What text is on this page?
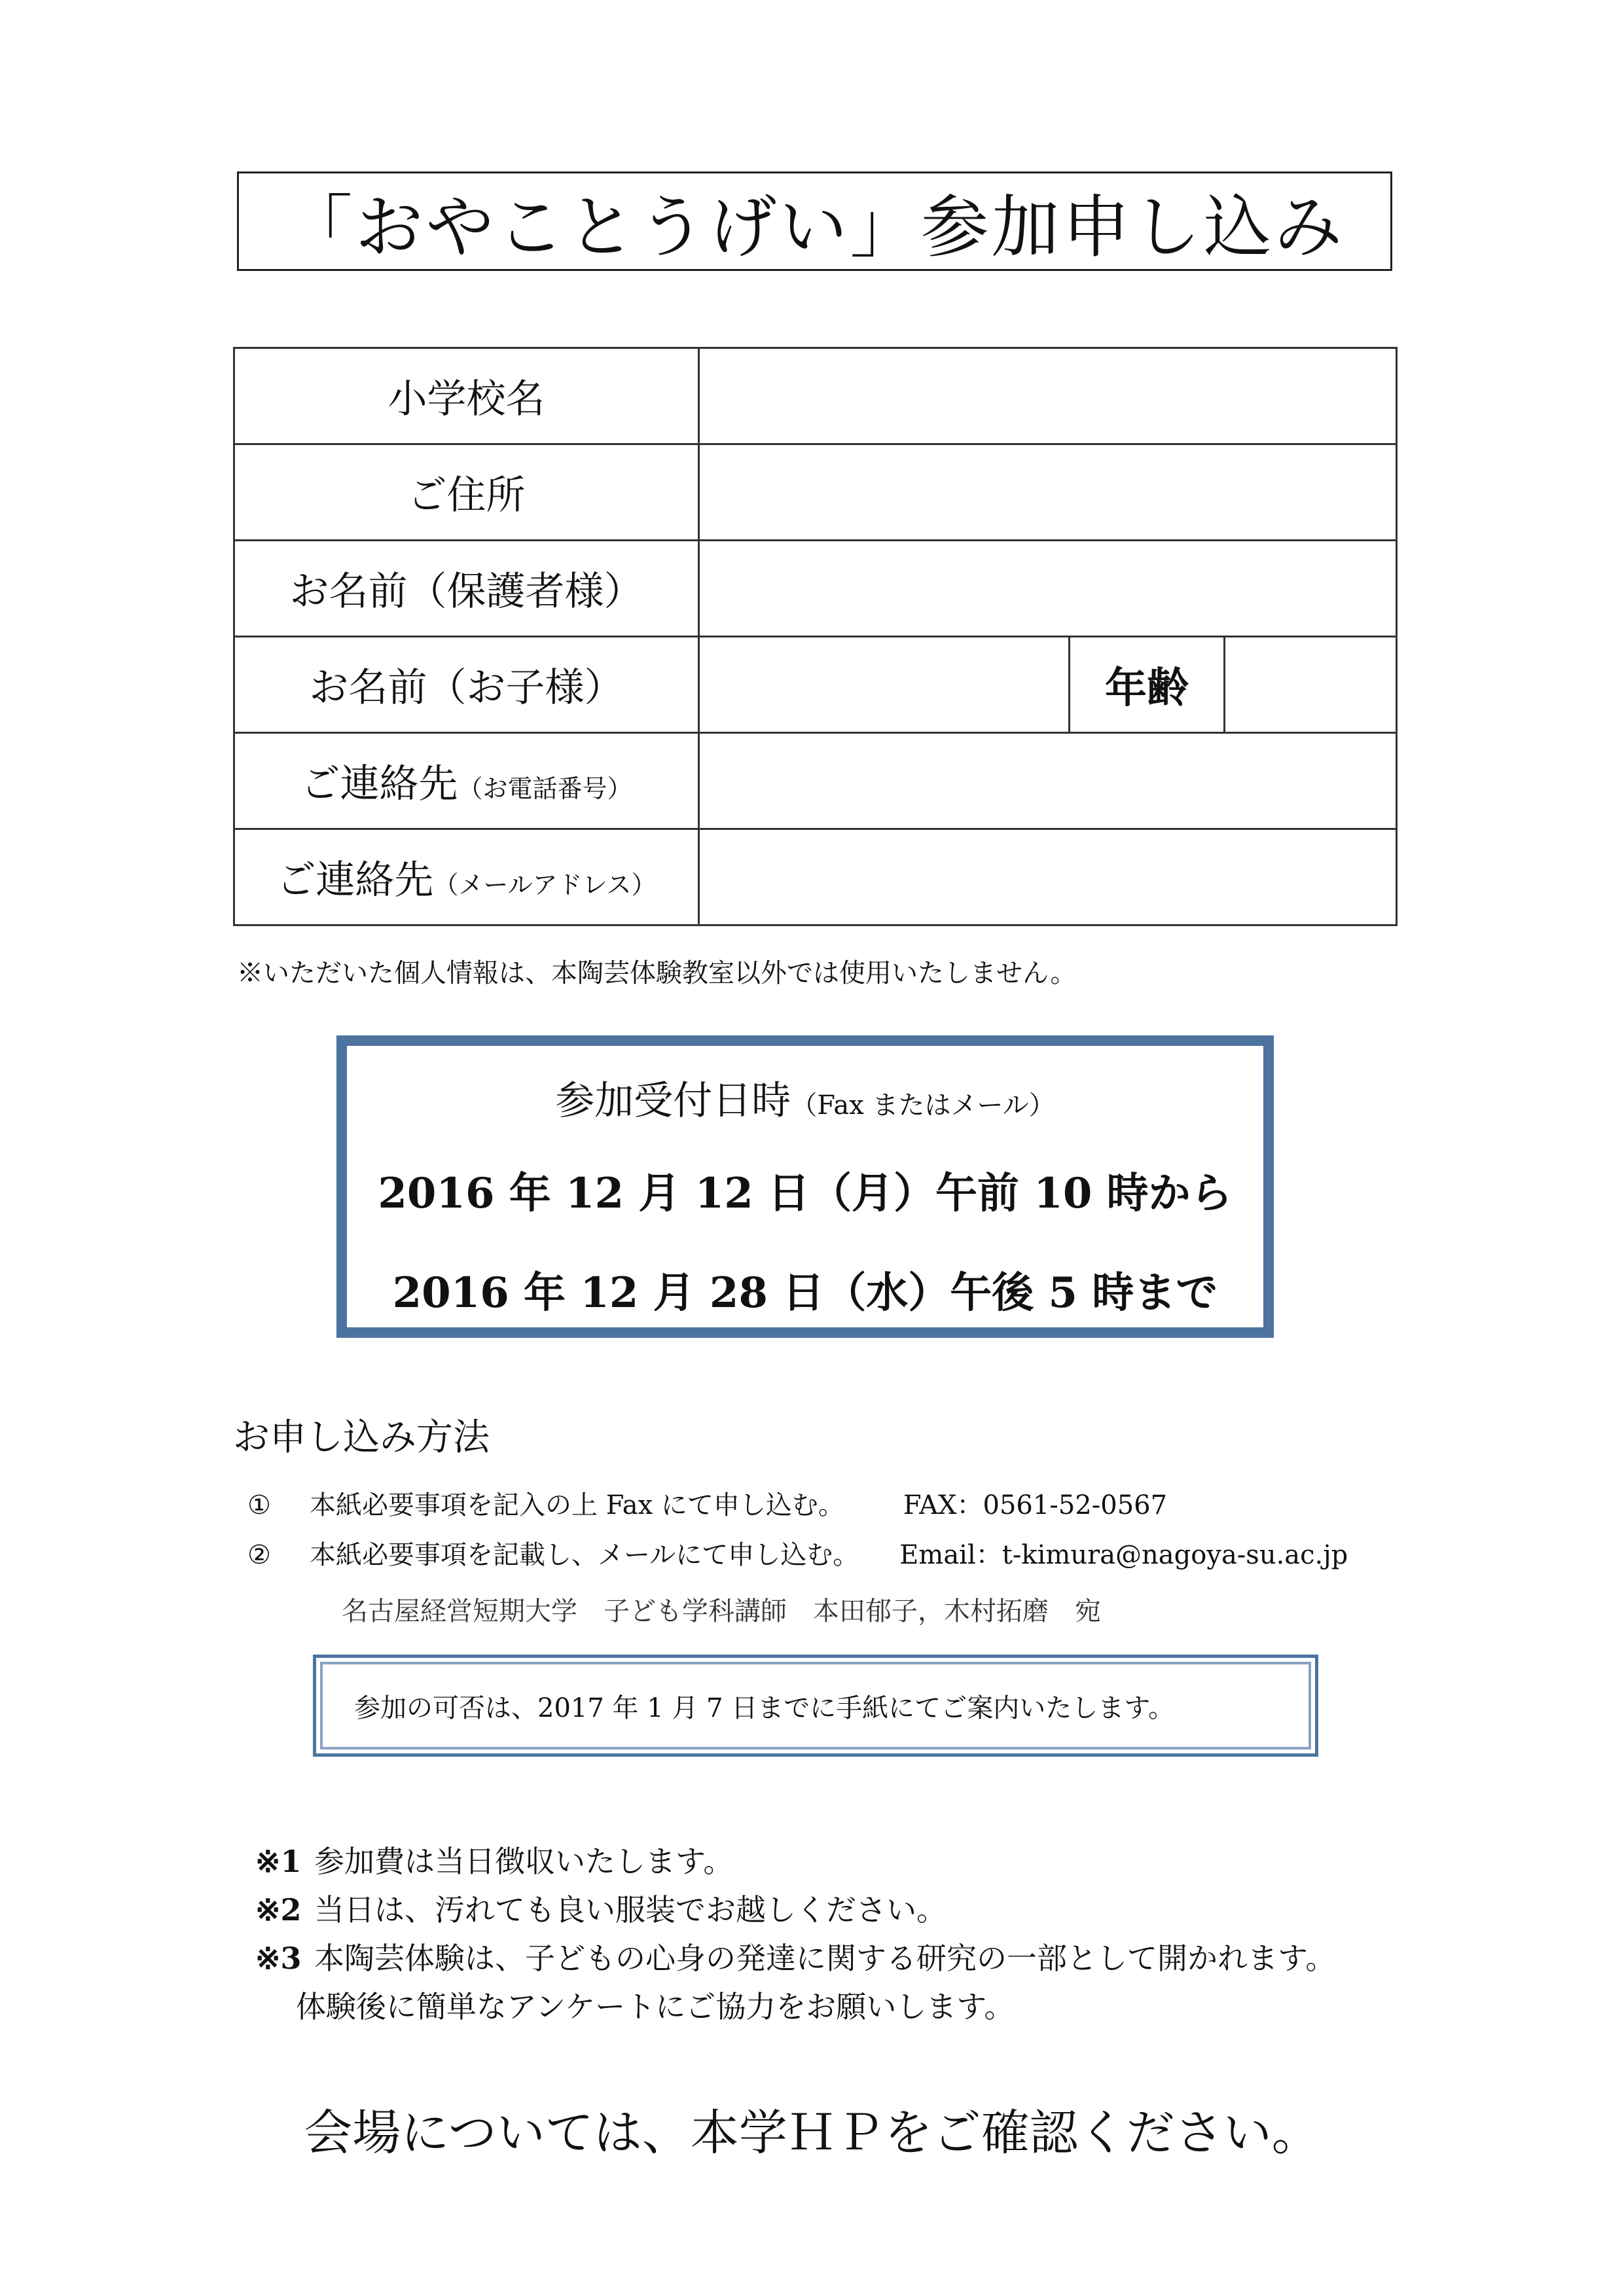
「おやことうげい」参加申し込み
小学校名			
ご住所			
お名前（保護者様）			
お名前（お子様）		年齢	
ご連絡先（お電話番号）			
ご連絡先（メールアドレス）			
※いただいた個人情報は、本陶芸体験教室以外では使用いたしません。
参加受付日時（Fax またはメール）
2016 年 12 月 12 日（月）午前 10 時から
2016 年 12 月 28 日（水）午後 5 時まで
お申し込み方法
① 本紙必要事項を記入の上 Fax にて申し込む。 FAX：0561-52-0567
② 本紙必要事項を記載し、メールにて申し込む。 Email：t-kimura@nagoya-su.ac.jp
名古屋経営短期大学　子ども学科講師　本田郁子，木村拓磨　宛
参加の可否は、2017 年 1 月 7 日までに手紙にてご案内いたします。
※1 参加費は当日徴収いたします。
※2 当日は、汚れても良い服装でお越しください。
※3 本陶芸体験は、子どもの心身の発達に関する研究の一部として開かれます。
体験後に簡単なアンケートにご協力をお願いします。
会場については、本学ＨＰをご確認ください。
